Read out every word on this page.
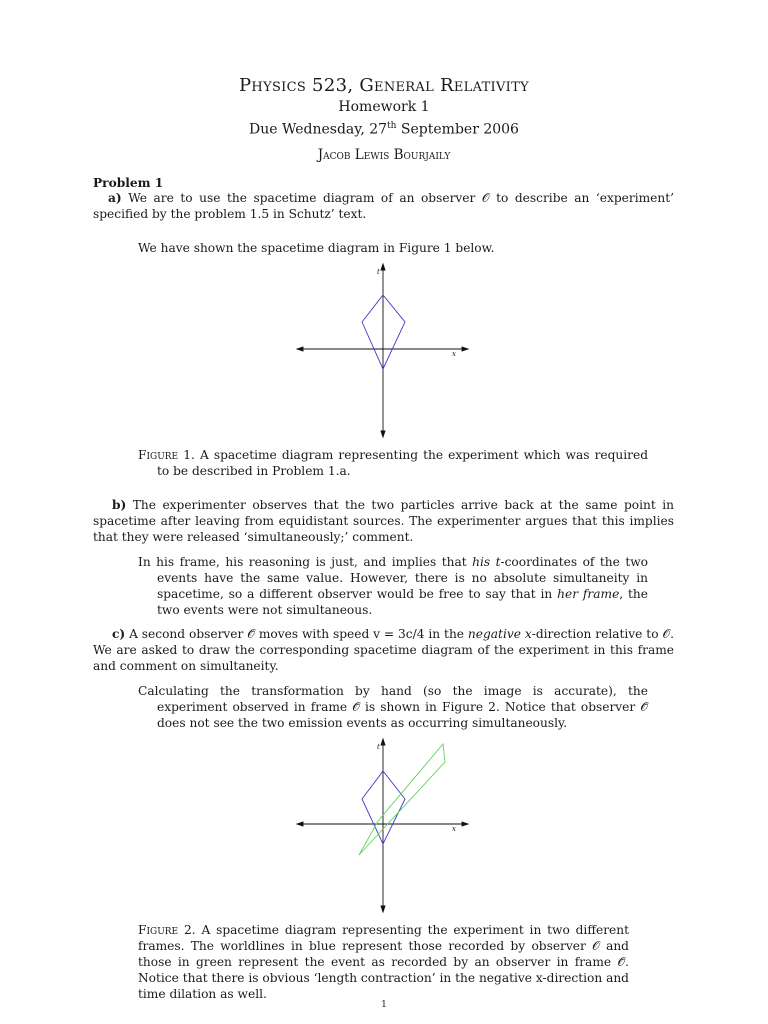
Physics 523, General Relativity
Homework 1
Due Wednesday, 27th September 2006
Jacob Lewis Bourjaily
Problem 1
a) We are to use the spacetime diagram of an observer 𝒪 to describe an ‘experiment’ specified by the problem 1.5 in Schutz’ text.
We have shown the spacetime diagram in Figure 1 below.
t
x
Figure 1. A spacetime diagram representing the experiment which was required to be described in Problem 1.a.
b) The experimenter observes that the two particles arrive back at the same point in spacetime after leaving from equidistant sources. The experimenter argues that this implies that they were released ‘simultaneously;’ comment.
In his frame, his reasoning is just, and implies that his t-coordinates of the two events have the same value. However, there is no absolute simultaneity in spacetime, so a different observer would be free to say that in her frame, the two events were not simultaneous.
c) A second observer 𝒪̄ moves with speed v = 3c/4 in the negative x-direction relative to 𝒪. We are asked to draw the corresponding spacetime diagram of the experiment in this frame and comment on simultaneity.
Calculating the transformation by hand (so the image is accurate), the experiment observed in frame 𝒪̄ is shown in Figure 2. Notice that observer 𝒪̄ does not see the two emission events as occurring simultaneously.
t
x
Figure 2. A spacetime diagram representing the experiment in two different frames. The worldlines in blue represent those recorded by observer 𝒪 and those in green represent the event as recorded by an observer in frame 𝒪̄. Notice that there is obvious ‘length contraction’ in the negative x-direction and time dilation as well.
1
